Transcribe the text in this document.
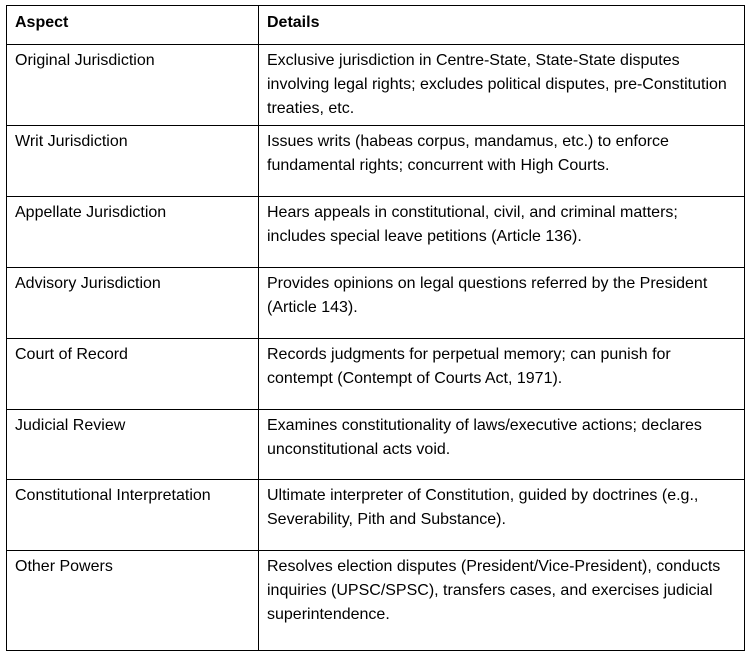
Aspect	Details
Original Jurisdiction	Exclusive jurisdiction in Centre-State, State-State disputes involving legal rights; excludes political disputes, pre-Constitution treaties, etc.
Writ Jurisdiction	Issues writs (habeas corpus, mandamus, etc.) to enforce fundamental rights; concurrent with High Courts.
Appellate Jurisdiction	Hears appeals in constitutional, civil, and criminal matters; includes special leave petitions (Article 136).
Advisory Jurisdiction	Provides opinions on legal questions referred by the President (Article 143).
Court of Record	Records judgments for perpetual memory; can punish for contempt (Contempt of Courts Act, 1971).
Judicial Review	Examines constitutionality of laws/executive actions; declares unconstitutional acts void.
Constitutional Interpretation	Ultimate interpreter of Constitution, guided by doctrines (e.g., Severability, Pith and Substance).
Other Powers	Resolves election disputes (President/Vice-President), conducts inquiries (UPSC/SPSC), transfers cases, and exercises judicial superintendence.
